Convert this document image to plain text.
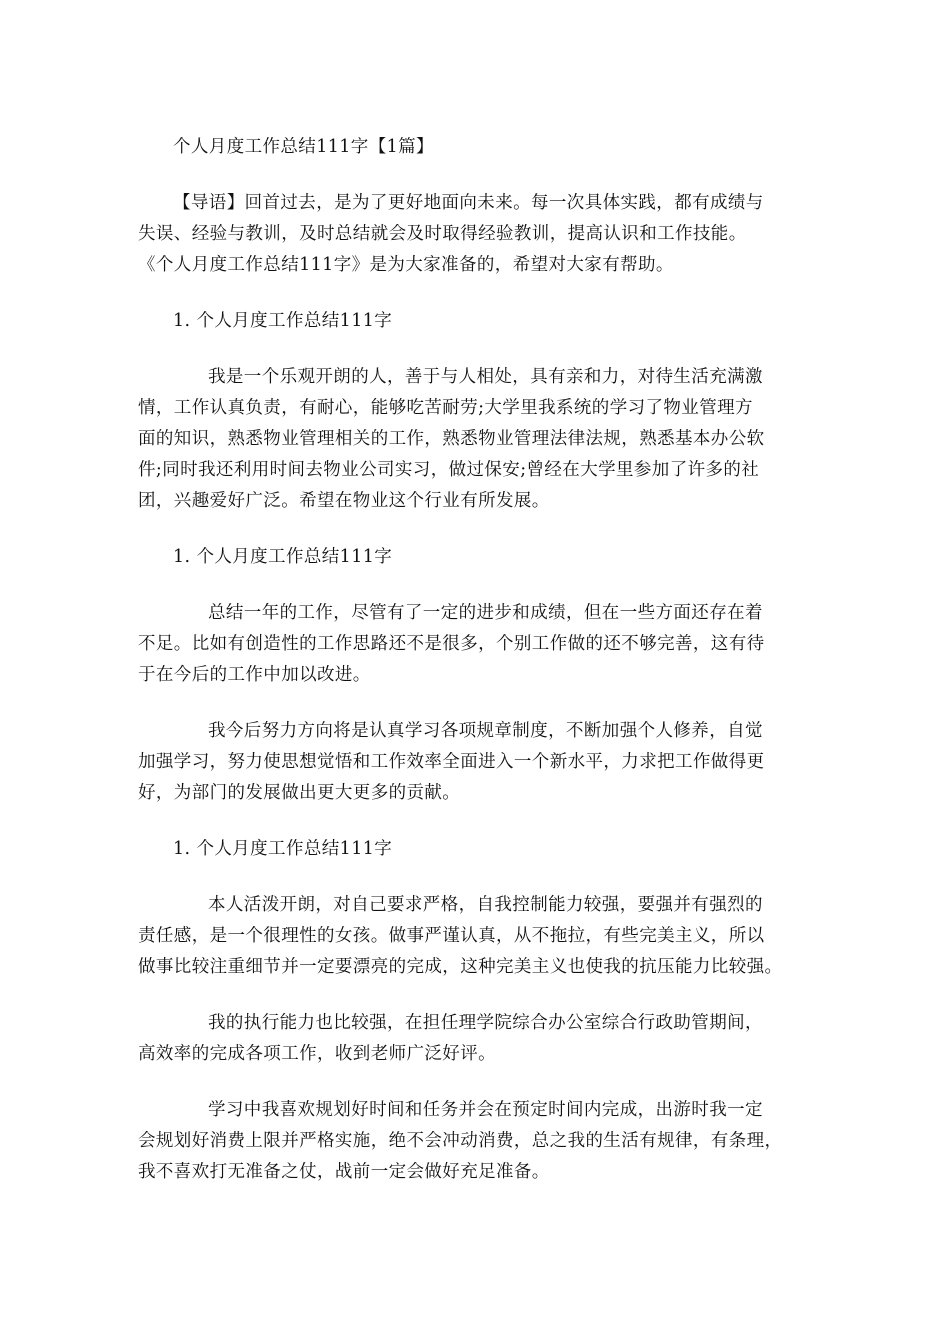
个人月度工作总结111字【1篇】

【导语】回首过去，是为了更好地面向未来。每一次具体实践，都有成绩与
失误、经验与教训，及时总结就会及时取得经验教训，提高认识和工作技能。
《个人月度工作总结111字》是为大家准备的，希望对大家有帮助。

1. 个人月度工作总结111字

我是一个乐观开朗的人，善于与人相处，具有亲和力，对待生活充满激
情，工作认真负责，有耐心，能够吃苦耐劳;大学里我系统的学习了物业管理方
面的知识，熟悉物业管理相关的工作，熟悉物业管理法律法规，熟悉基本办公软
件;同时我还利用时间去物业公司实习，做过保安;曾经在大学里参加了许多的社
团，兴趣爱好广泛。希望在物业这个行业有所发展。

1. 个人月度工作总结111字

总结一年的工作，尽管有了一定的进步和成绩，但在一些方面还存在着
不足。比如有创造性的工作思路还不是很多，个别工作做的还不够完善，这有待
于在今后的工作中加以改进。

我今后努力方向将是认真学习各项规章制度，不断加强个人修养，自觉
加强学习，努力使思想觉悟和工作效率全面进入一个新水平，力求把工作做得更
好，为部门的发展做出更大更多的贡献。

1. 个人月度工作总结111字

本人活泼开朗，对自己要求严格，自我控制能力较强，要强并有强烈的
责任感，是一个很理性的女孩。做事严谨认真，从不拖拉，有些完美主义，所以
做事比较注重细节并一定要漂亮的完成，这种完美主义也使我的抗压能力比较强。

我的执行能力也比较强，在担任理学院综合办公室综合行政助管期间，
高效率的完成各项工作，收到老师广泛好评。

学习中我喜欢规划好时间和任务并会在预定时间内完成，出游时我一定
会规划好消费上限并严格实施，绝不会冲动消费，总之我的生活有规律，有条理，
我不喜欢打无准备之仗，战前一定会做好充足准备。
